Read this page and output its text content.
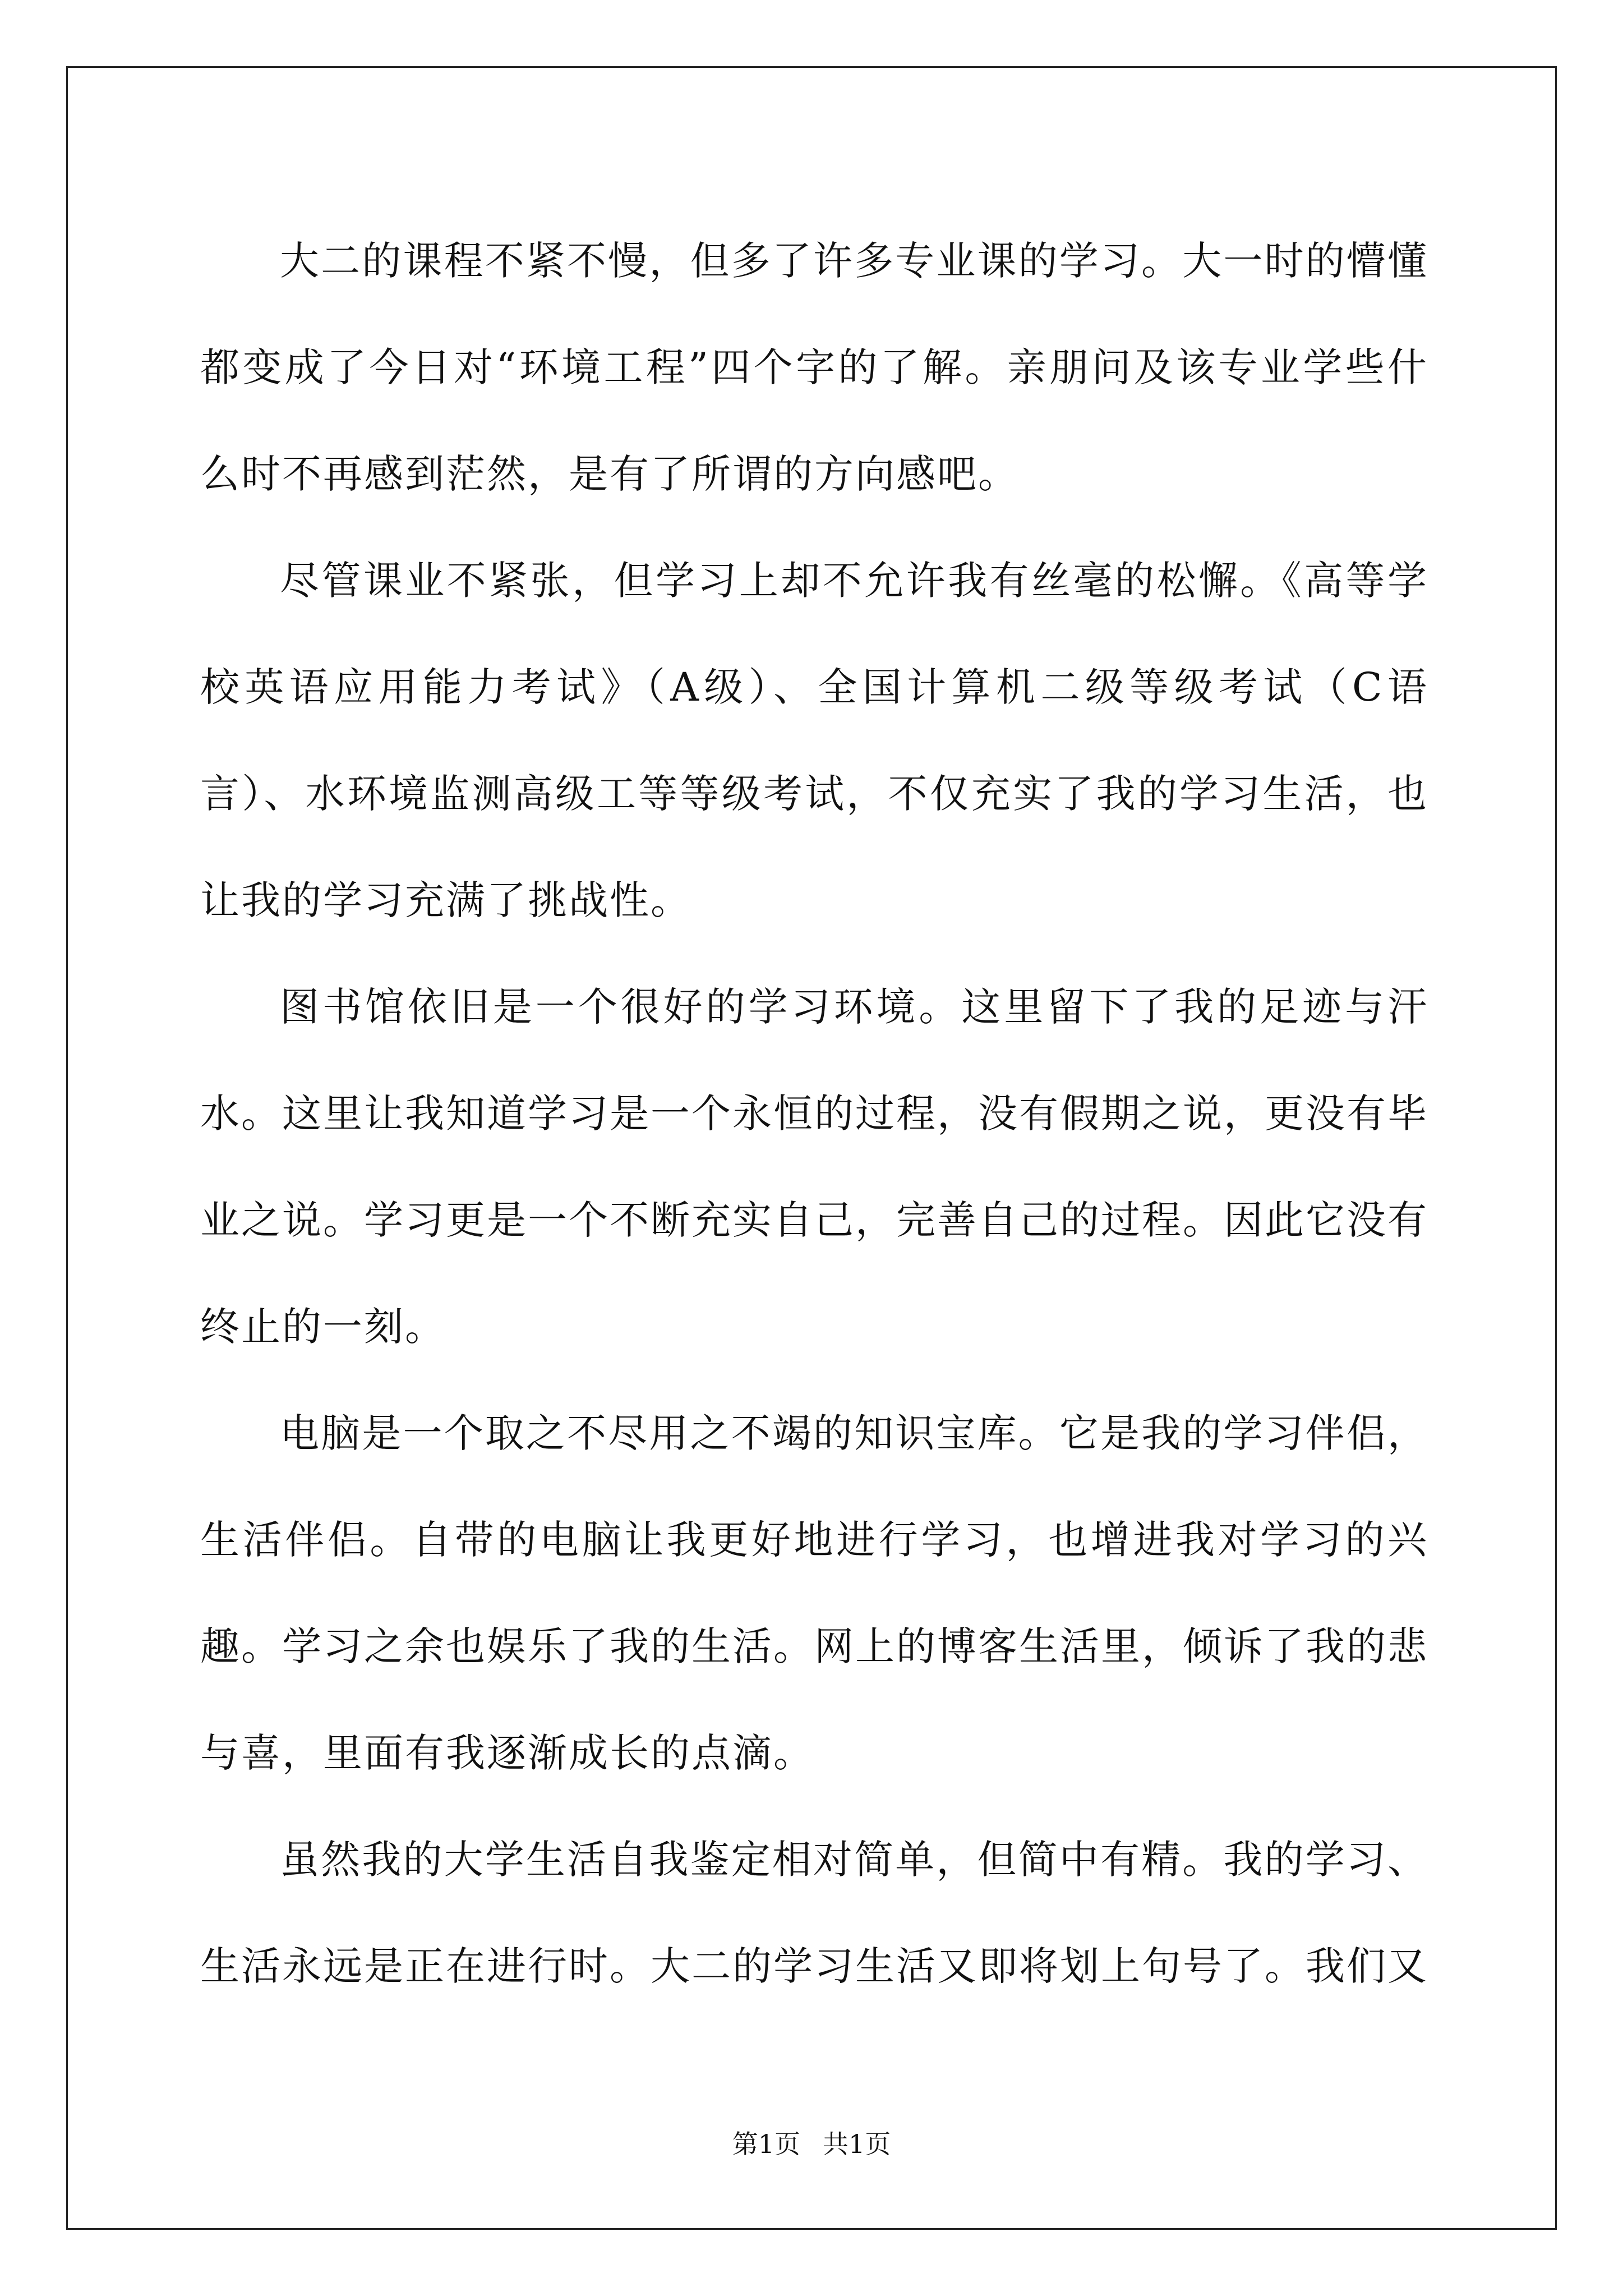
大二的课程不紧不慢，但多了许多专业课的学习。大一时的懵懂都变成了今日对“环境工程”四个字的了解。亲朋问及该专业学些什么时不再感到茫然，是有了所谓的方向感吧。

尽管课业不紧张，但学习上却不允许我有丝毫的松懈。《高等学校英语应用能力考试》（A级）、全国计算机二级等级考试（C语言）、水环境监测高级工等等级考试，不仅充实了我的学习生活，也让我的学习充满了挑战性。

图书馆依旧是一个很好的学习环境。这里留下了我的足迹与汗水。这里让我知道学习是一个永恒的过程，没有假期之说，更没有毕业之说。学习更是一个不断充实自己，完善自己的过程。因此它没有终止的一刻。

电脑是一个取之不尽用之不竭的知识宝库。它是我的学习伴侣，生活伴侣。自带的电脑让我更好地进行学习，也增进我对学习的兴趣。学习之余也娱乐了我的生活。网上的博客生活里，倾诉了我的悲与喜，里面有我逐渐成长的点滴。

虽然我的大学生活自我鉴定相对简单，但简中有精。我的学习、生活永远是正在进行时。大二的学习生活又即将划上句号了。我们又

第1页 共1页
